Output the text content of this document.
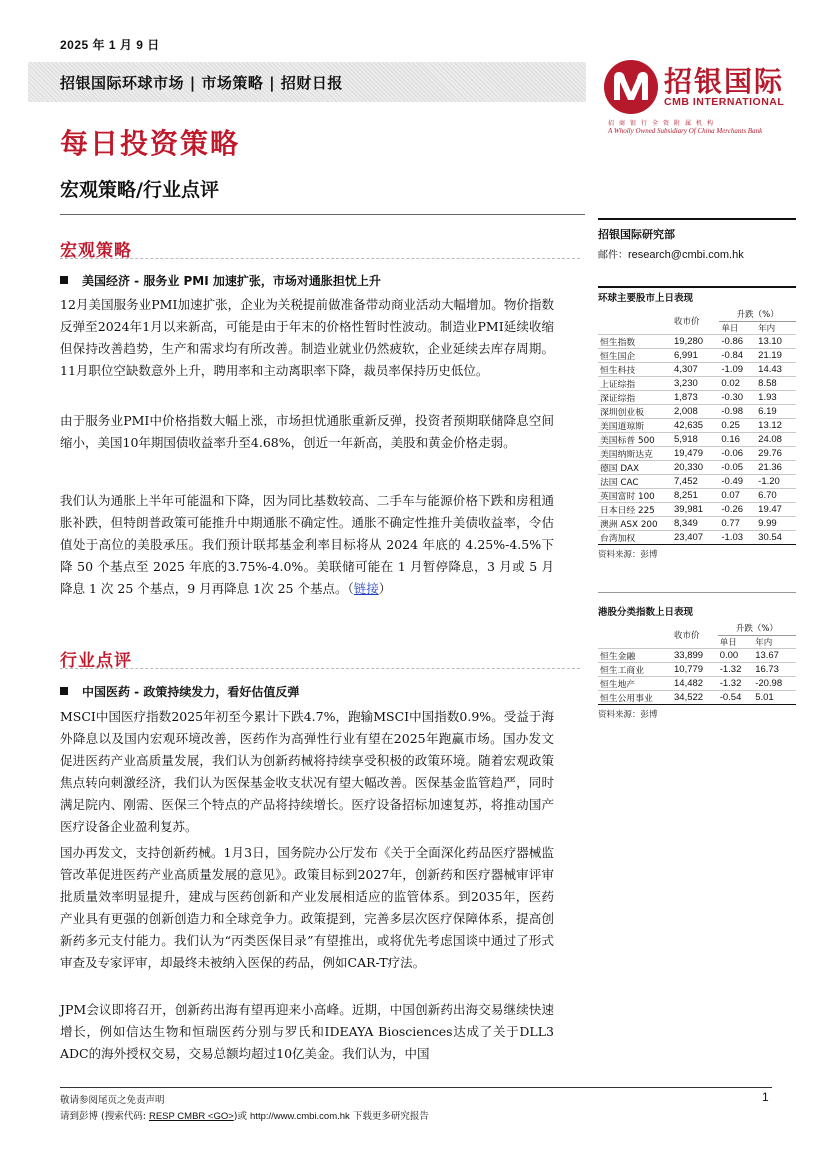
2025 年 1 月 9 日
招银国际环球市场 | 市场策略 | 招财日报	招银国际
CMB INTERNATIONAL
招商银行全资附属机构
A Wholly Owned Subsidiary Of China Merchants Bank
每日投资策略
宏观策略/行业点评
宏观策略
美国经济 - 服务业 PMI 加速扩张，市场对通胀担忧上升
12月美国服务业PMI加速扩张，企业为关税提前做准备带动商业活动大幅增加。物价指数反弹至2024年1月以来新高，可能是由于年末的价格性暂时性波动。制造业PMI延续收缩但保持改善趋势，生产和需求均有所改善。制造业就业仍然疲软，企业延续去库存周期。11月职位空缺数意外上升，聘用率和主动离职率下降，裁员率保持历史低位。
由于服务业PMI中价格指数大幅上涨，市场担忧通胀重新反弹，投资者预期联储降息空间缩小，美国10年期国债收益率升至4.68%，创近一年新高，美股和黄金价格走弱。
我们认为通胀上半年可能温和下降，因为同比基数较高、二手车与能源价格下跌和房租通胀补跌，但特朗普政策可能推升中期通胀不确定性。通胀不确定性推升美债收益率，令估值处于高位的美股承压。我们预计联邦基金利率目标将从 2024 年底的 4.25%-4.5%下降 50 个基点至 2025 年底的3.75%-4.0%。美联储可能在 1 月暂停降息，3 月或 5 月降息 1 次 25 个基点，9 月再降息 1次 25 个基点。（链接）
行业点评
中国医药 - 政策持续发力，看好估值反弹
MSCI中国医疗指数2025年初至今累计下跌4.7%，跑输MSCI中国指数0.9%。受益于海外降息以及国内宏观环境改善，医药作为高弹性行业有望在2025年跑赢市场。国办发文促进医药产业高质量发展，我们认为创新药械将持续享受积极的政策环境。随着宏观政策焦点转向刺激经济，我们认为医保基金收支状况有望大幅改善。医保基金监管趋严，同时满足院内、刚需、医保三个特点的产品将持续增长。医疗设备招标加速复苏，将推动国产医疗设备企业盈利复苏。
国办再发文，支持创新药械。1月3日，国务院办公厅发布《关于全面深化药品医疗器械监管改革促进医药产业高质量发展的意见》。政策目标到2027年，创新药和医疗器械审评审批质量效率明显提升，建成与医药创新和产业发展相适应的监管体系。到2035年，医药产业具有更强的创新创造力和全球竞争力。政策提到，完善多层次医疗保障体系，提高创新药多元支付能力。我们认为“丙类医保目录”有望推出，或将优先考虑国谈中通过了形式审查及专家评审，却最终未被纳入医保的药品，例如CAR-T疗法。
JPM会议即将召开，创新药出海有望再迎来小高峰。近期，中国创新药出海交易继续快速增长，例如信达生物和恒瑞医药分别与罗氏和IDEAYA Biosciences达成了关于DLL3 ADC的海外授权交易，交易总额均超过10亿美金。我们认为，中国
招银国际研究部
邮件：research@cmbi.com.hk
环球主要股市上日表现
	收市价	升跌（%）	
		单日	年内
恒生指数	19,280	-0.86	13.10
恒生国企	6,991	-0.84	21.19
恒生科技	4,307	-1.09	14.43
上证综指	3,230	0.02	8.58
深证综指	1,873	-0.30	1.93
深圳创业板	2,008	-0.98	6.19
美国道琼斯	42,635	0.25	13.12
美国标普 500	5,918	0.16	24.08
美国纳斯达克	19,479	-0.06	29.76
德国 DAX	20,330	-0.05	21.36
法国 CAC	7,452	-0.49	-1.20
英国富时 100	8,251	0.07	6.70
日本日经 225	39,981	-0.26	19.47
澳洲 ASX 200	8,349	0.77	9.99
台湾加权	23,407	-1.03	30.54
资料来源：彭博
港股分类指数上日表现
	收市价	升跌（%）	
		单日	年内
恒生金融	33,899	0.00	13.67
恒生工商业	10,779	-1.32	16.73
恒生地产	14,482	-1.32	-20.98
恒生公用事业	34,522	-0.54	5.01
资料来源：彭博
敬请参阅尾页之免责声明
请到彭博 (搜索代码: RESP CMBR <GO>)或 http://www.cmbi.com.hk 下载更多研究报告
1
